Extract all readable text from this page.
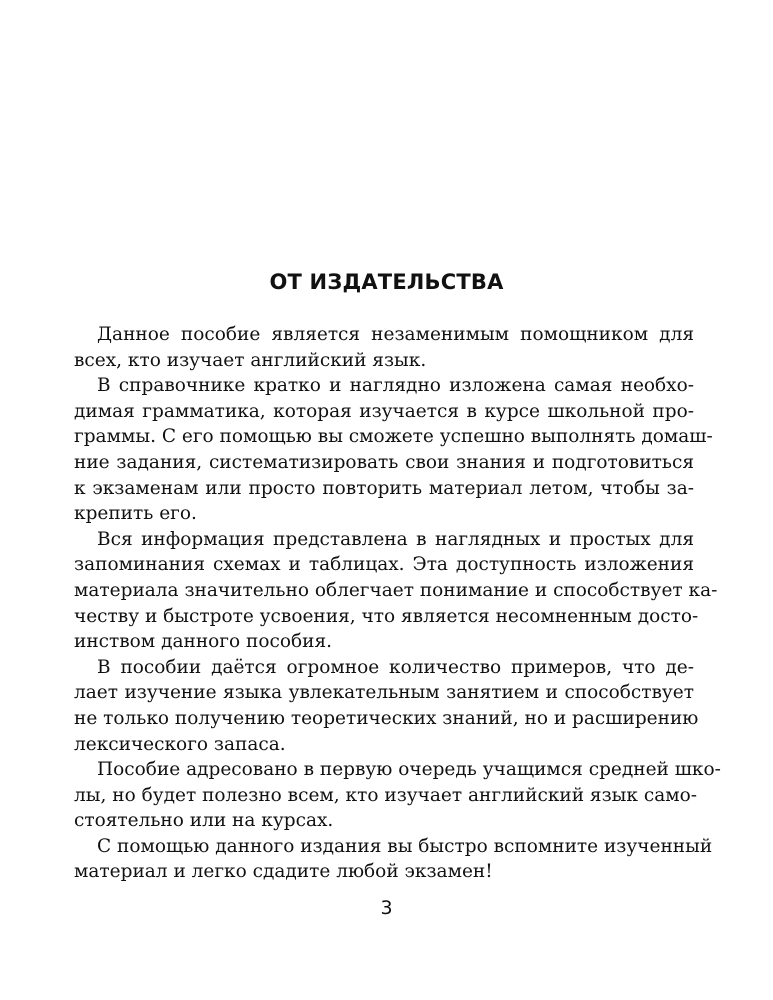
ОТ ИЗДАТЕЛЬСТВА

Данное пособие является незаменимым помощником для
всех, кто изучает английский язык.

В справочнике кратко и наглядно изложена самая необхо-
димая грамматика, которая изучается в курсе школьной про-
граммы. С его помощью вы сможете успешно выполнять домаш-
ние задания, систематизировать свои знания и подготовиться
к экзаменам или просто повторить материал летом, чтобы за-
крепить его.

Вся информация представлена в наглядных и простых для
запоминания схемах и таблицах. Эта доступность изложения
материала значительно облегчает понимание и способствует ка-
честву и быстроте усвоения, что является несомненным досто-
инством данного пособия.

В пособии даётся огромное количество примеров, что де-
лает изучение языка увлекательным занятием и способствует
не только получению теоретических знаний, но и расширению
лексического запаса.

Пособие адресовано в первую очередь учащимся средней шко-
лы, но будет полезно всем, кто изучает английский язык само-
стоятельно или на курсах.

С помощью данного издания вы быстро вспомните изученный
материал и легко сдадите любой экзамен!

3
